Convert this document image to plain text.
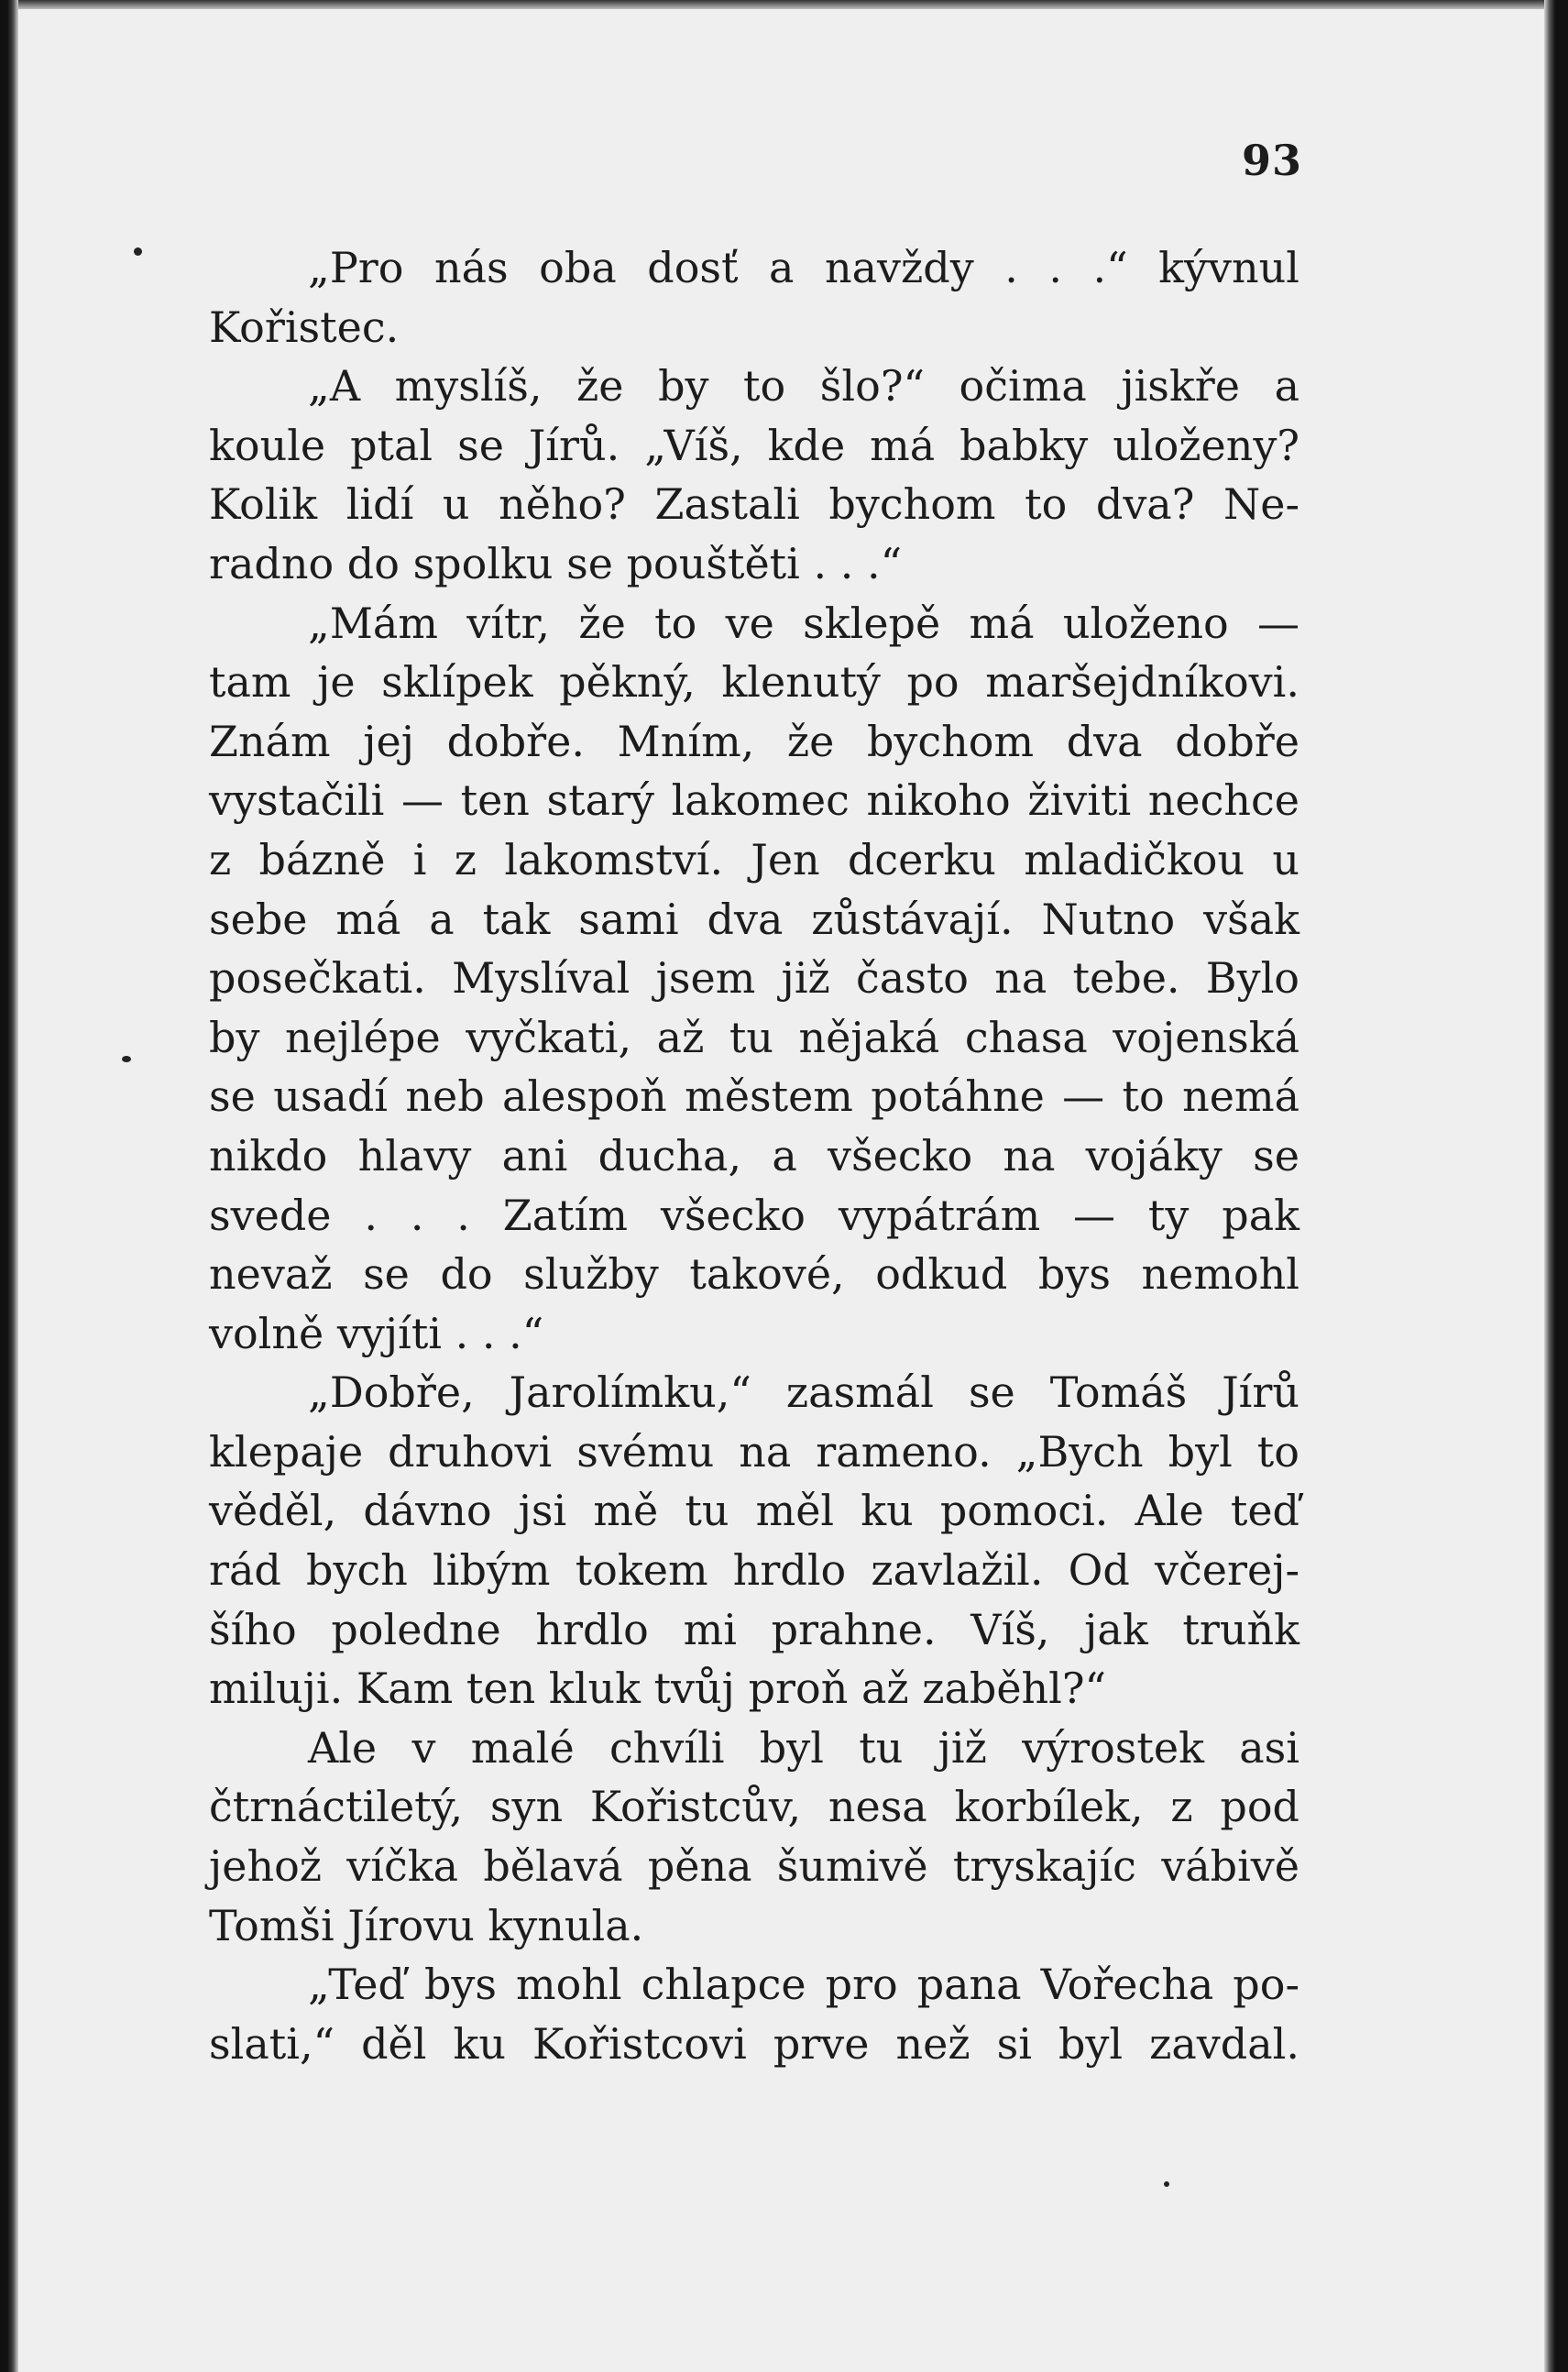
93
„Pro nás oba dosť a navždy . . .“ kývnul
Kořistec.
„A myslíš, že by to šlo?“ očima jiskře a
koule ptal se Jírů. „Víš, kde má babky uloženy?
Kolik lidí u něho? Zastali bychom to dva? Ne-
radno do spolku se pouštěti . . .“
„Mám vítr, že to ve sklepě má uloženo —
tam je sklípek pěkný, klenutý po maršejdníkovi.
Znám jej dobře. Mním, že bychom dva dobře
vystačili — ten starý lakomec nikoho živiti nechce
z bázně i z lakomství. Jen dcerku mladičkou u
sebe má a tak sami dva zůstávají. Nutno však
posečkati. Myslíval jsem již často na tebe. Bylo
by nejlépe vyčkati, až tu nějaká chasa vojenská
se usadí neb alespoň městem potáhne — to nemá
nikdo hlavy ani ducha, a všecko na vojáky se
svede . . . Zatím všecko vypátrám — ty pak
nevaž se do služby takové, odkud bys nemohl
volně vyjíti . . .“
„Dobře, Jarolímku,“ zasmál se Tomáš Jírů
klepaje druhovi svému na rameno. „Bych byl to
věděl, dávno jsi mě tu měl ku pomoci. Ale teď
rád bych libým tokem hrdlo zavlažil. Od včerej-
šího poledne hrdlo mi prahne. Víš, jak truňk
miluji. Kam ten kluk tvůj proň až zaběhl?“
Ale v malé chvíli byl tu již výrostek asi
čtrnáctiletý, syn Kořistcův, nesa korbílek, z pod
jehož víčka bělavá pěna šumivě tryskajíc vábivě
Tomši Jírovu kynula.
„Teď bys mohl chlapce pro pana Vořecha po-
slati,“ děl ku Kořistcovi prve než si byl zavdal.
